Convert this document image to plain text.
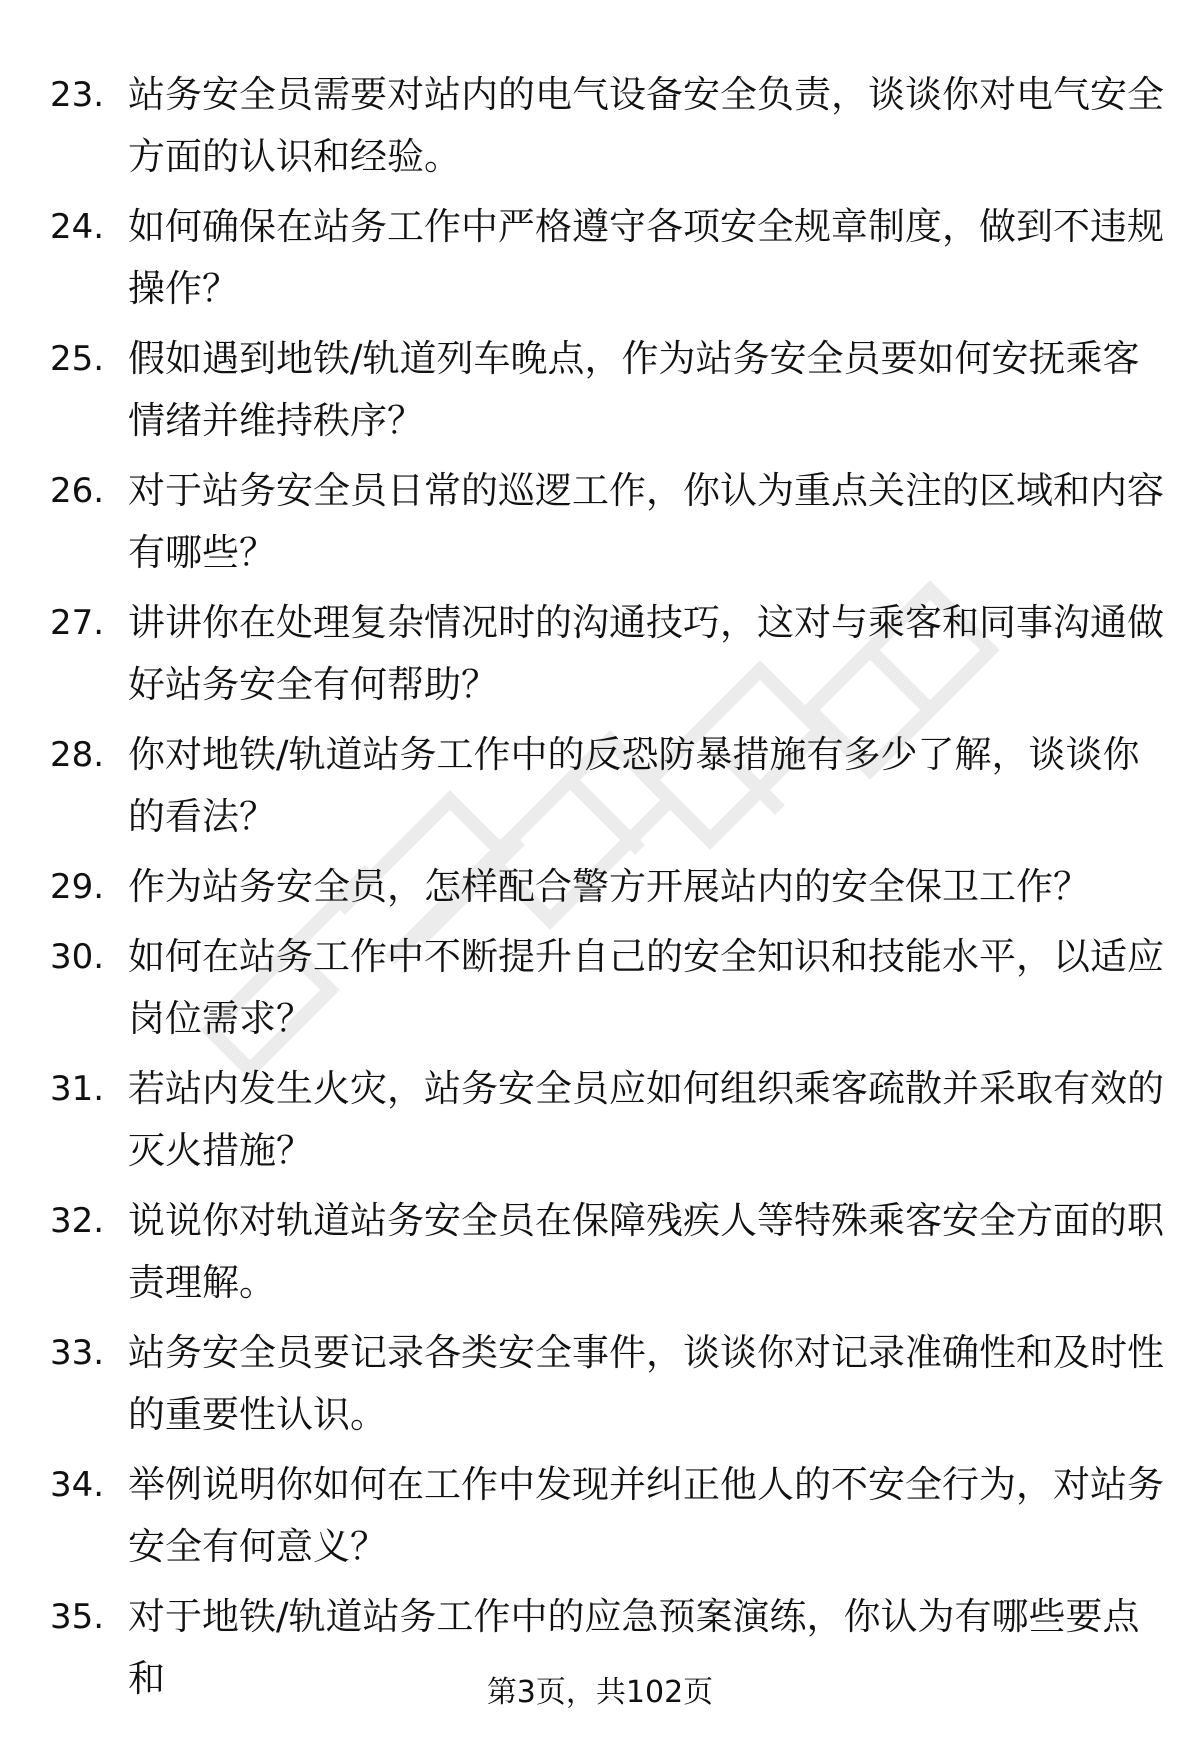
23. 站务安全员需要对站内的电气设备安全负责，谈谈你对电气安全方面的认识和经验。
24. 如何确保在站务工作中严格遵守各项安全规章制度，做到不违规操作？
25. 假如遇到地铁/轨道列车晚点，作为站务安全员要如何安抚乘客情绪并维持秩序？
26. 对于站务安全员日常的巡逻工作，你认为重点关注的区域和内容有哪些？
27. 讲讲你在处理复杂情况时的沟通技巧，这对与乘客和同事沟通做好站务安全有何帮助？
28. 你对地铁/轨道站务工作中的反恐防暴措施有多少了解，谈谈你的看法？
29. 作为站务安全员，怎样配合警方开展站内的安全保卫工作？
30. 如何在站务工作中不断提升自己的安全知识和技能水平，以适应岗位需求？
31. 若站内发生火灾，站务安全员应如何组织乘客疏散并采取有效的灭火措施？
32. 说说你对轨道站务安全员在保障残疾人等特殊乘客安全方面的职责理解。
33. 站务安全员要记录各类安全事件，谈谈你对记录准确性和及时性的重要性认识。
34. 举例说明你如何在工作中发现并纠正他人的不安全行为，对站务安全有何意义？
35. 对于地铁/轨道站务工作中的应急预案演练，你认为有哪些要点和	第3页，共102页
